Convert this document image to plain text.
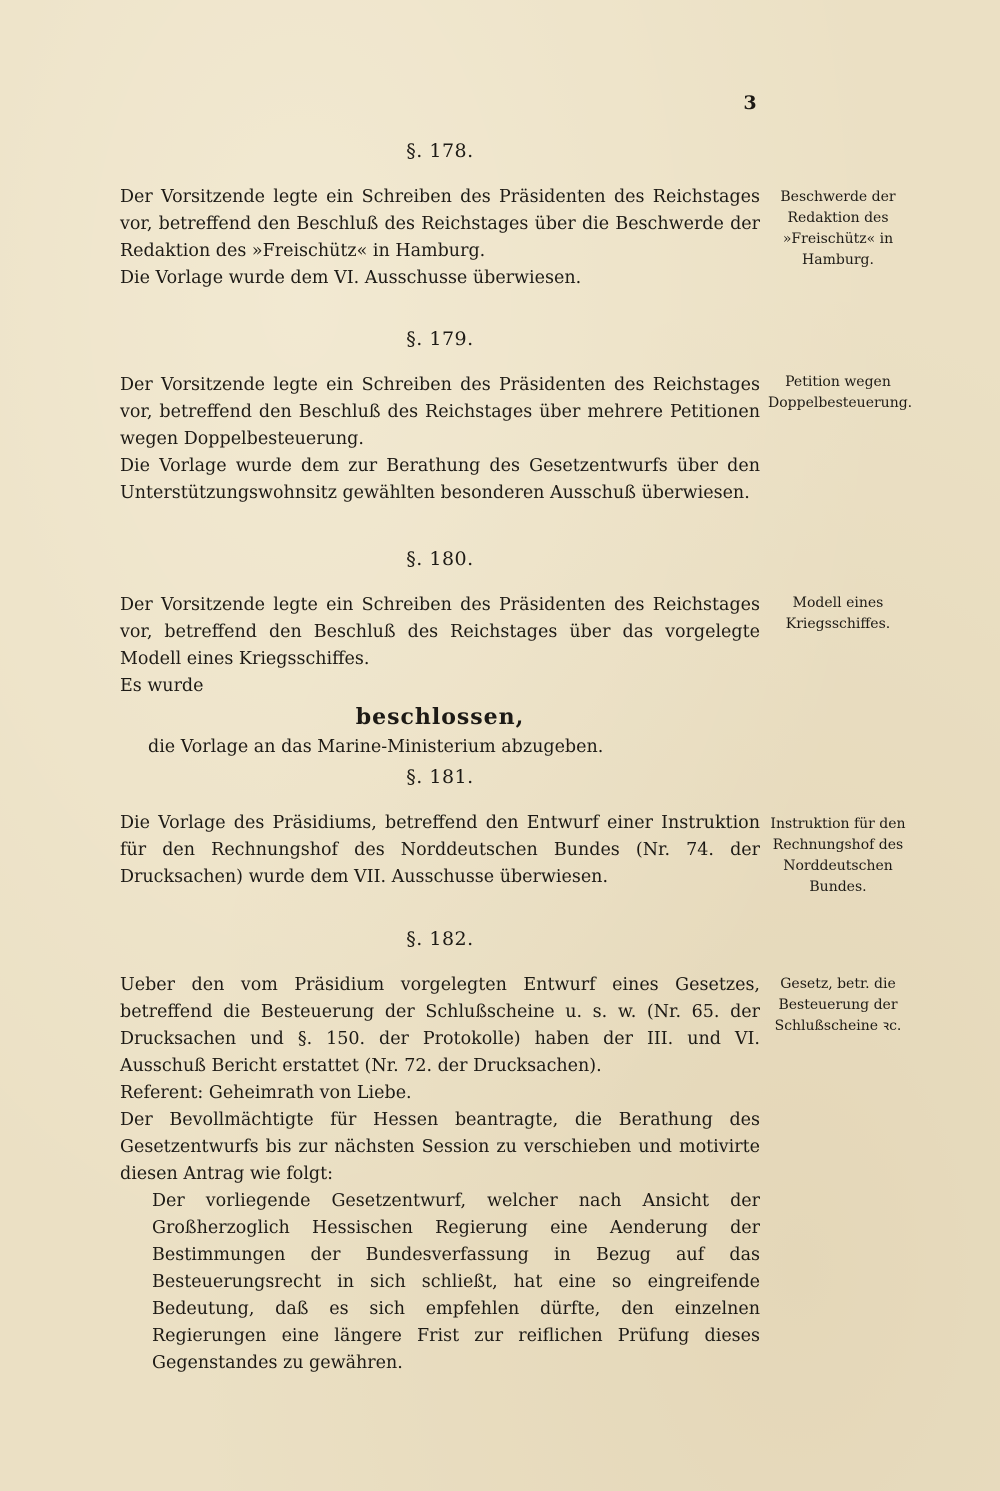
3
§. 178.

Der Vorsitzende legte ein Schreiben des Präsidenten des Reichstages vor, betreffend den Beschluß des Reichstages über die Beschwerde der Redaktion des »Freischütz« in Hamburg.

Die Vorlage wurde dem VI. Ausschusse überwiesen.

Beschwerde der Redaktion des »Freischütz« in Hamburg.
§. 179.

Der Vorsitzende legte ein Schreiben des Präsidenten des Reichstages vor, betreffend den Beschluß des Reichstages über mehrere Petitionen wegen Doppelbesteuerung.

Die Vorlage wurde dem zur Berathung des Gesetzentwurfs über den Unterstützungswohnsitz gewählten besonderen Ausschuß überwiesen.

Petition wegen Doppelbesteuerung.
§. 180.

Der Vorsitzende legte ein Schreiben des Präsidenten des Reichstages vor, betreffend den Beschluß des Reichstages über das vorgelegte Modell eines Kriegsschiffes.

Es wurde

beschlossen,

die Vorlage an das Marine-Ministerium abzugeben.

Modell eines Kriegsschiffes.
§. 181.

Die Vorlage des Präsidiums, betreffend den Entwurf einer Instruktion für den Rechnungshof des Norddeutschen Bundes (Nr. 74. der Drucksachen) wurde dem VII. Ausschusse überwiesen.

Instruktion für den Rechnungshof des Norddeutschen Bundes.
§. 182.

Ueber den vom Präsidium vorgelegten Entwurf eines Gesetzes, betreffend die Besteuerung der Schlußscheine u. s. w. (Nr. 65. der Drucksachen und §. 150. der Protokolle) haben der III. und VI. Ausschuß Bericht erstattet (Nr. 72. der Drucksachen).

Referent: Geheimrath von Liebe.

Der Bevollmächtigte für Hessen beantragte, die Berathung des Gesetzentwurfs bis zur nächsten Session zu verschieben und motivirte diesen Antrag wie folgt:

Der vorliegende Gesetzentwurf, welcher nach Ansicht der Großherzoglich Hessischen Regierung eine Aenderung der Bestimmungen der Bundesverfassung in Bezug auf das Besteuerungsrecht in sich schließt, hat eine so eingreifende Bedeutung, daß es sich empfehlen dürfte, den einzelnen Regierungen eine längere Frist zur reiflichen Prüfung dieses Gegenstandes zu gewähren.
Gesetz, betr. die Besteuerung der Schlußscheine ꝛc.
